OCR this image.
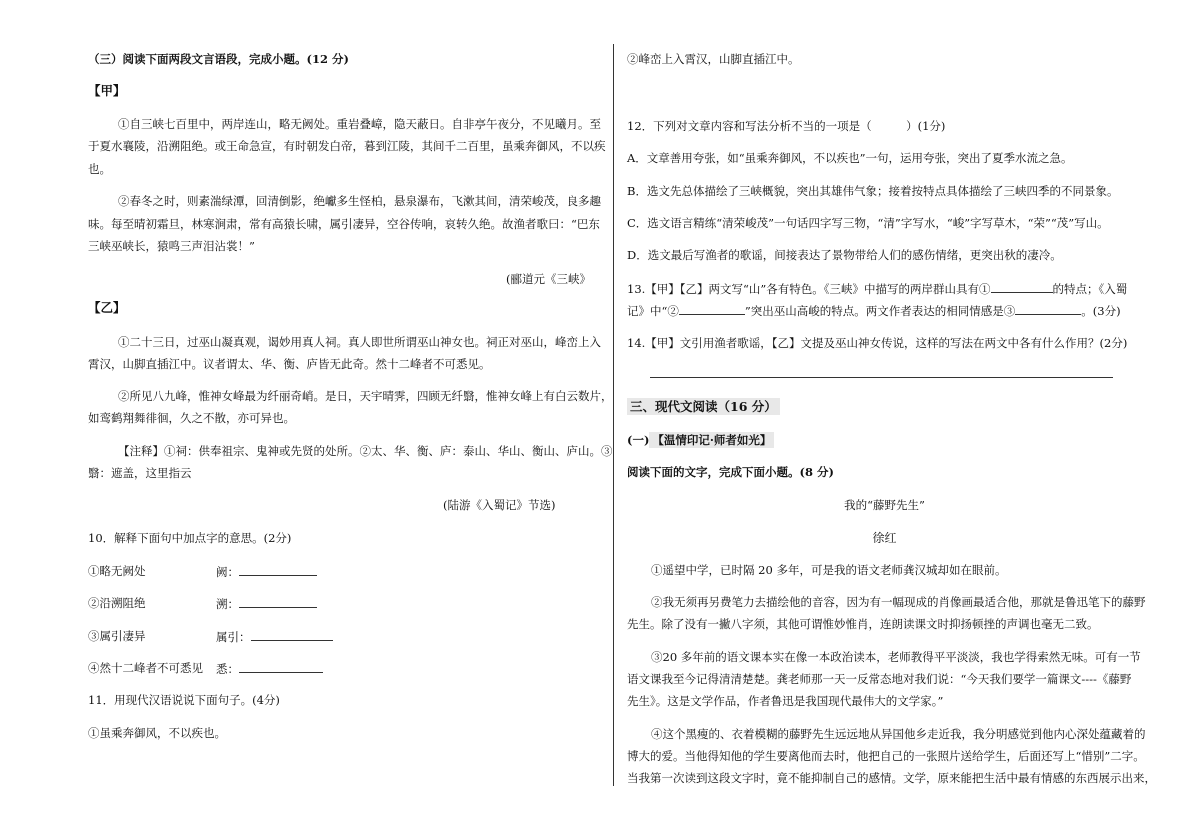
（三）阅读下面两段文言语段，完成小题。(12 分)
【甲】
①自三峡七百里中，两岸连山，略无阙处。重岩叠嶂，隐天蔽日。自非亭午夜分，不见曦月。至
于夏水襄陵，沿溯阻绝。或王命急宣，有时朝发白帝，暮到江陵，其间千二百里，虽乘奔御风，不以疾
也。
②春冬之时，则素湍绿潭，回清倒影，绝巘多生怪柏，悬泉瀑布，飞漱其间，清荣峻茂，良多趣
味。每至晴初霜旦，林寒涧肃，常有高猿长啸，属引凄异，空谷传响，哀转久绝。故渔者歌曰：“巴东
三峡巫峡长，猿鸣三声泪沾裳！”
(郦道元《三峡》
【乙】
①二十三日，过巫山凝真观，谒妙用真人祠。真人即世所谓巫山神女也。祠正对巫山，峰峦上入
霄汉，山脚直插江中。议者谓太、华、衡、庐皆无此奇。然十二峰者不可悉见。
②所见八九峰，惟神女峰最为纤丽奇峭。是日，天宇晴霁，四顾无纤翳，惟神女峰上有白云数片，
如鸾鹤翔舞徘徊，久之不散，亦可异也。
【注释】①祠：供奉祖宗、鬼神或先贤的处所。②太、华、衡、庐：泰山、华山、衡山、庐山。③
翳：遮盖，这里指云
(陆游《入蜀记》节选)
10．解释下面句中加点字的意思。(2分)
①略无阙处	阙：
②沿溯阻绝	溯：
③属引凄异	属引：
④然十二峰者不可悉见 悉：
11．用现代汉语说说下面句子。(4分)
①虽乘奔御风，不以疾也。
②峰峦上入霄汉，山脚直插江中。
12．下列对文章内容和写法分析不当的一项是（　　　）(1分)
A．文章善用夸张，如“虽乘奔御风，不以疾也”一句，运用夸张，突出了夏季水流之急。
B．选文先总体描绘了三峡概貌，突出其雄伟气象；接着按特点具体描绘了三峡四季的不同景象。
C．选文语言精练“清荣峻茂”一句话四字写三物，“清”字写水，“峻”字写草木，“荣”“茂”写山。
D．选文最后写渔者的歌谣，间接表达了景物带给人们的感伤情绪，更突出秋的凄冷。
13.【甲】【乙】两文写“山”各有特色。《三峡》中描写的两岸群山具有①	的特点；《入蜀
记》中“②	”突出巫山高峻的特点。两文作者表达的相同情感是③	。(3分)
14.【甲】文引用渔者歌谣，【乙】文提及巫山神女传说，这样的写法在两文中各有什么作用？(2分)
三、现代文阅读（16 分）
(一) 【温情印记·师者如光】
阅读下面的文字，完成下面小题。(8 分)
我的“藤野先生”
徐红
①遥望中学，已时隔 20 多年，可是我的语文老师龚汉城却如在眼前。
②我无须再另费笔力去描绘他的音容，因为有一幅现成的肖像画最适合他，那就是鲁迅笔下的藤野
先生。除了没有一撇八字须，其他可谓惟妙惟肖，连朗读课文时抑扬顿挫的声调也毫无二致。
③20 多年前的语文课本实在像一本政治读本，老师教得平平淡淡，我也学得索然无味。可有一节
语文课我至今记得清清楚楚。龚老师那一天一反常态地对我们说：“今天我们要学一篇课文----《藤野
先生》。这是文学作品，作者鲁迅是我国现代最伟大的文学家。”
④这个黑瘦的、衣着模糊的藤野先生远远地从异国他乡走近我，我分明感觉到他内心深处蕴藏着的
博大的爱。当他得知他的学生要离他而去时，他把自己的一张照片送给学生，后面还写上“惜别”二字。
当我第一次读到这段文字时，竟不能抑制自己的感情。文学，原来能把生活中最有情感的东西展示出来，
